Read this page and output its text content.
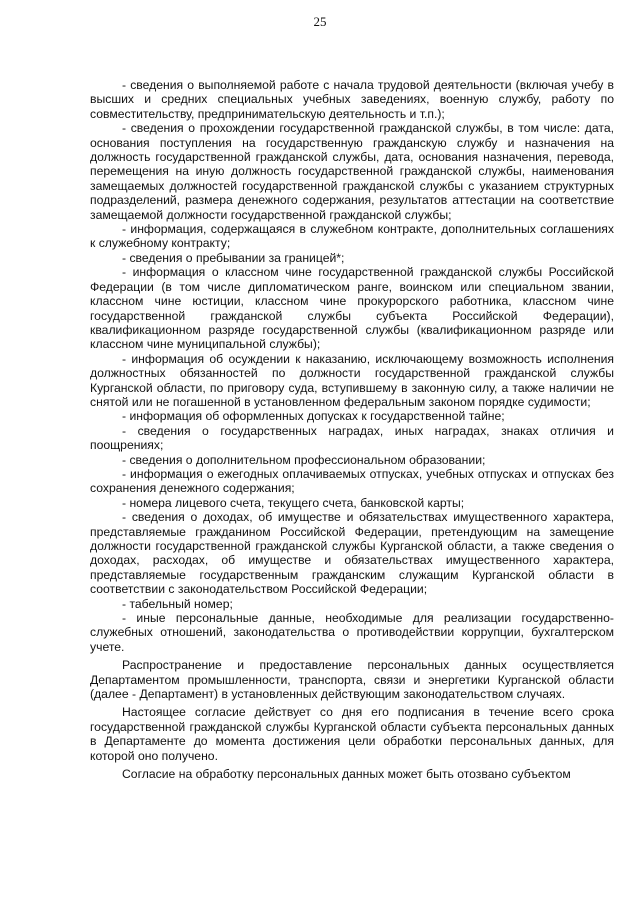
25

- сведения о выполняемой работе с начала трудовой деятельности (включая учебу в высших и средних специальных учебных заведениях, военную службу, работу по совместительству, предпринимательскую деятельность и т.п.);

- сведения о прохождении государственной гражданской службы, в том числе: дата, основания поступления на государственную гражданскую службу и назначения на должность государственной гражданской службы, дата, основания назначения, перевода, перемещения на иную должность государственной гражданской службы, наименования замещаемых должностей государственной гражданской службы с указанием структурных подразделений, размера денежного содержания, результатов аттестации на соответствие замещаемой должности государственной гражданской службы;

- информация, содержащаяся в служебном контракте, дополнительных соглашениях к служебному контракту;

- сведения о пребывании за границей*;

- информация о классном чине государственной гражданской службы Российской Федерации (в том числе дипломатическом ранге, воинском или специальном звании, классном чине юстиции, классном чине прокурорского работника, классном чине государственной гражданской службы субъекта Российской Федерации), квалификационном разряде государственной службы (квалификационном разряде или классном чине муниципальной службы);

- информация об осуждении к наказанию, исключающему возможность исполнения должностных обязанностей по должности государственной гражданской службы Курганской области, по приговору суда, вступившему в законную силу, а также наличии не снятой или не погашенной в установленном федеральным законом порядке судимости;

- информация об оформленных допусках к государственной тайне;

- сведения о государственных наградах, иных наградах, знаках отличия и поощрениях;

- сведения о дополнительном профессиональном образовании;

- информация о ежегодных оплачиваемых отпусках, учебных отпусках и отпусках без сохранения денежного содержания;

- номера лицевого счета, текущего счета, банковской карты;

- сведения о доходах, об имуществе и обязательствах имущественного характера, представляемые гражданином Российской Федерации, претендующим на замещение должности государственной гражданской службы Курганской области, а также сведения о доходах, расходах, об имуществе и обязательствах имущественного характера, представляемые государственным гражданским служащим Курганской области в соответствии с законодательством Российской Федерации;

- табельный номер;

- иные персональные данные, необходимые для реализации государственно-служебных отношений, законодательства о противодействии коррупции, бухгалтерском учете.

Распространение и предоставление персональных данных осуществляется Департаментом промышленности, транспорта, связи и энергетики Курганской области (далее - Департамент) в установленных действующим законодательством случаях.

Настоящее согласие действует со дня его подписания в течение всего срока государственной гражданской службы Курганской области субъекта персональных данных в Департаменте до момента достижения цели обработки персональных данных, для которой оно получено.

Согласие на обработку персональных данных может быть отозвано субъектом
